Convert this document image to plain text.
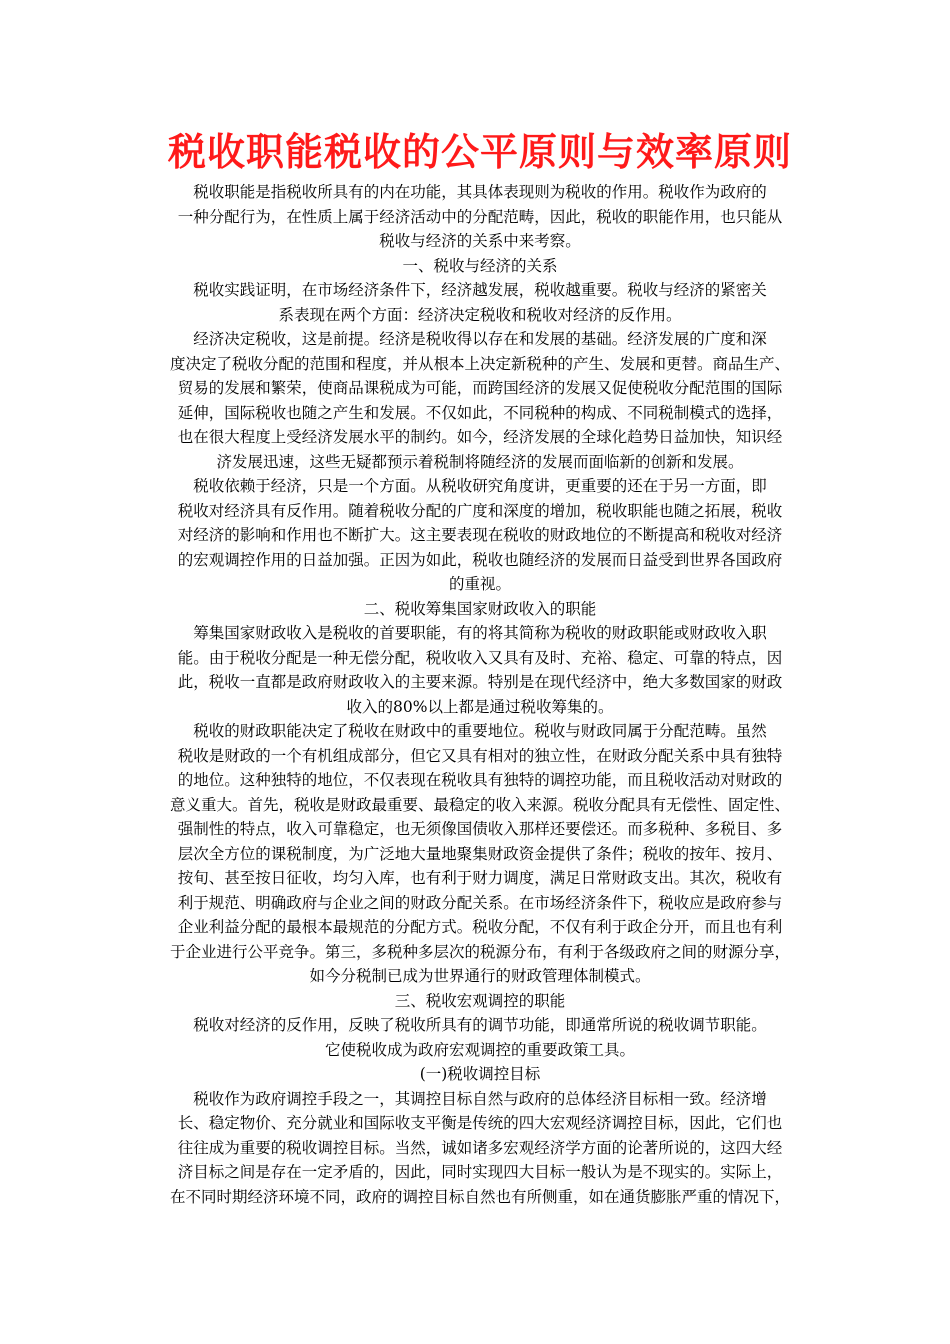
税收职能税收的公平原则与效率原则

税收职能是指税收所具有的内在功能，其具体表现则为税收的作用。税收作为政府的
一种分配行为，在性质上属于经济活动中的分配范畴，因此，税收的职能作用，也只能从
税收与经济的关系中来考察。

一、税收与经济的关系

税收实践证明，在市场经济条件下，经济越发展，税收越重要。税收与经济的紧密关
系表现在两个方面：经济决定税收和税收对经济的反作用。

经济决定税收，这是前提。经济是税收得以存在和发展的基础。经济发展的广度和深
度决定了税收分配的范围和程度，并从根本上决定新税种的产生、发展和更替。商品生产、
贸易的发展和繁荣，使商品课税成为可能，而跨国经济的发展又促使税收分配范围的国际
延伸，国际税收也随之产生和发展。不仅如此，不同税种的构成、不同税制模式的选择，
也在很大程度上受经济发展水平的制约。如今，经济发展的全球化趋势日益加快，知识经
济发展迅速，这些无疑都预示着税制将随经济的发展而面临新的创新和发展。

税收依赖于经济，只是一个方面。从税收研究角度讲，更重要的还在于另一方面，即
税收对经济具有反作用。随着税收分配的广度和深度的增加，税收职能也随之拓展，税收
对经济的影响和作用也不断扩大。这主要表现在税收的财政地位的不断提高和税收对经济
的宏观调控作用的日益加强。正因为如此，税收也随经济的发展而日益受到世界各国政府
的重视。

二、税收筹集国家财政收入的职能

筹集国家财政收入是税收的首要职能，有的将其简称为税收的财政职能或财政收入职
能。由于税收分配是一种无偿分配，税收收入又具有及时、充裕、稳定、可靠的特点，因
此，税收一直都是政府财政收入的主要来源。特别是在现代经济中，绝大多数国家的财政
收入的80%以上都是通过税收筹集的。

税收的财政职能决定了税收在财政中的重要地位。税收与财政同属于分配范畴。虽然
税收是财政的一个有机组成部分，但它又具有相对的独立性，在财政分配关系中具有独特
的地位。这种独特的地位，不仅表现在税收具有独特的调控功能，而且税收活动对财政的
意义重大。首先，税收是财政最重要、最稳定的收入来源。税收分配具有无偿性、固定性、
强制性的特点，收入可靠稳定，也无须像国债收入那样还要偿还。而多税种、多税目、多
层次全方位的课税制度，为广泛地大量地聚集财政资金提供了条件；税收的按年、按月、
按旬、甚至按日征收，均匀入库，也有利于财力调度，满足日常财政支出。其次，税收有
利于规范、明确政府与企业之间的财政分配关系。在市场经济条件下，税收应是政府参与
企业利益分配的最根本最规范的分配方式。税收分配，不仅有利于政企分开，而且也有利
于企业进行公平竞争。第三，多税种多层次的税源分布，有利于各级政府之间的财源分享，
如今分税制已成为世界通行的财政管理体制模式。

三、税收宏观调控的职能

税收对经济的反作用，反映了税收所具有的调节功能，即通常所说的税收调节职能。
它使税收成为政府宏观调控的重要政策工具。

(一)税收调控目标

税收作为政府调控手段之一，其调控目标自然与政府的总体经济目标相一致。经济增
长、稳定物价、充分就业和国际收支平衡是传统的四大宏观经济调控目标，因此，它们也
往往成为重要的税收调控目标。当然，诚如诸多宏观经济学方面的论著所说的，这四大经
济目标之间是存在一定矛盾的，因此，同时实现四大目标一般认为是不现实的。实际上，
在不同时期经济环境不同，政府的调控目标自然也有所侧重，如在通货膨胀严重的情况下，
